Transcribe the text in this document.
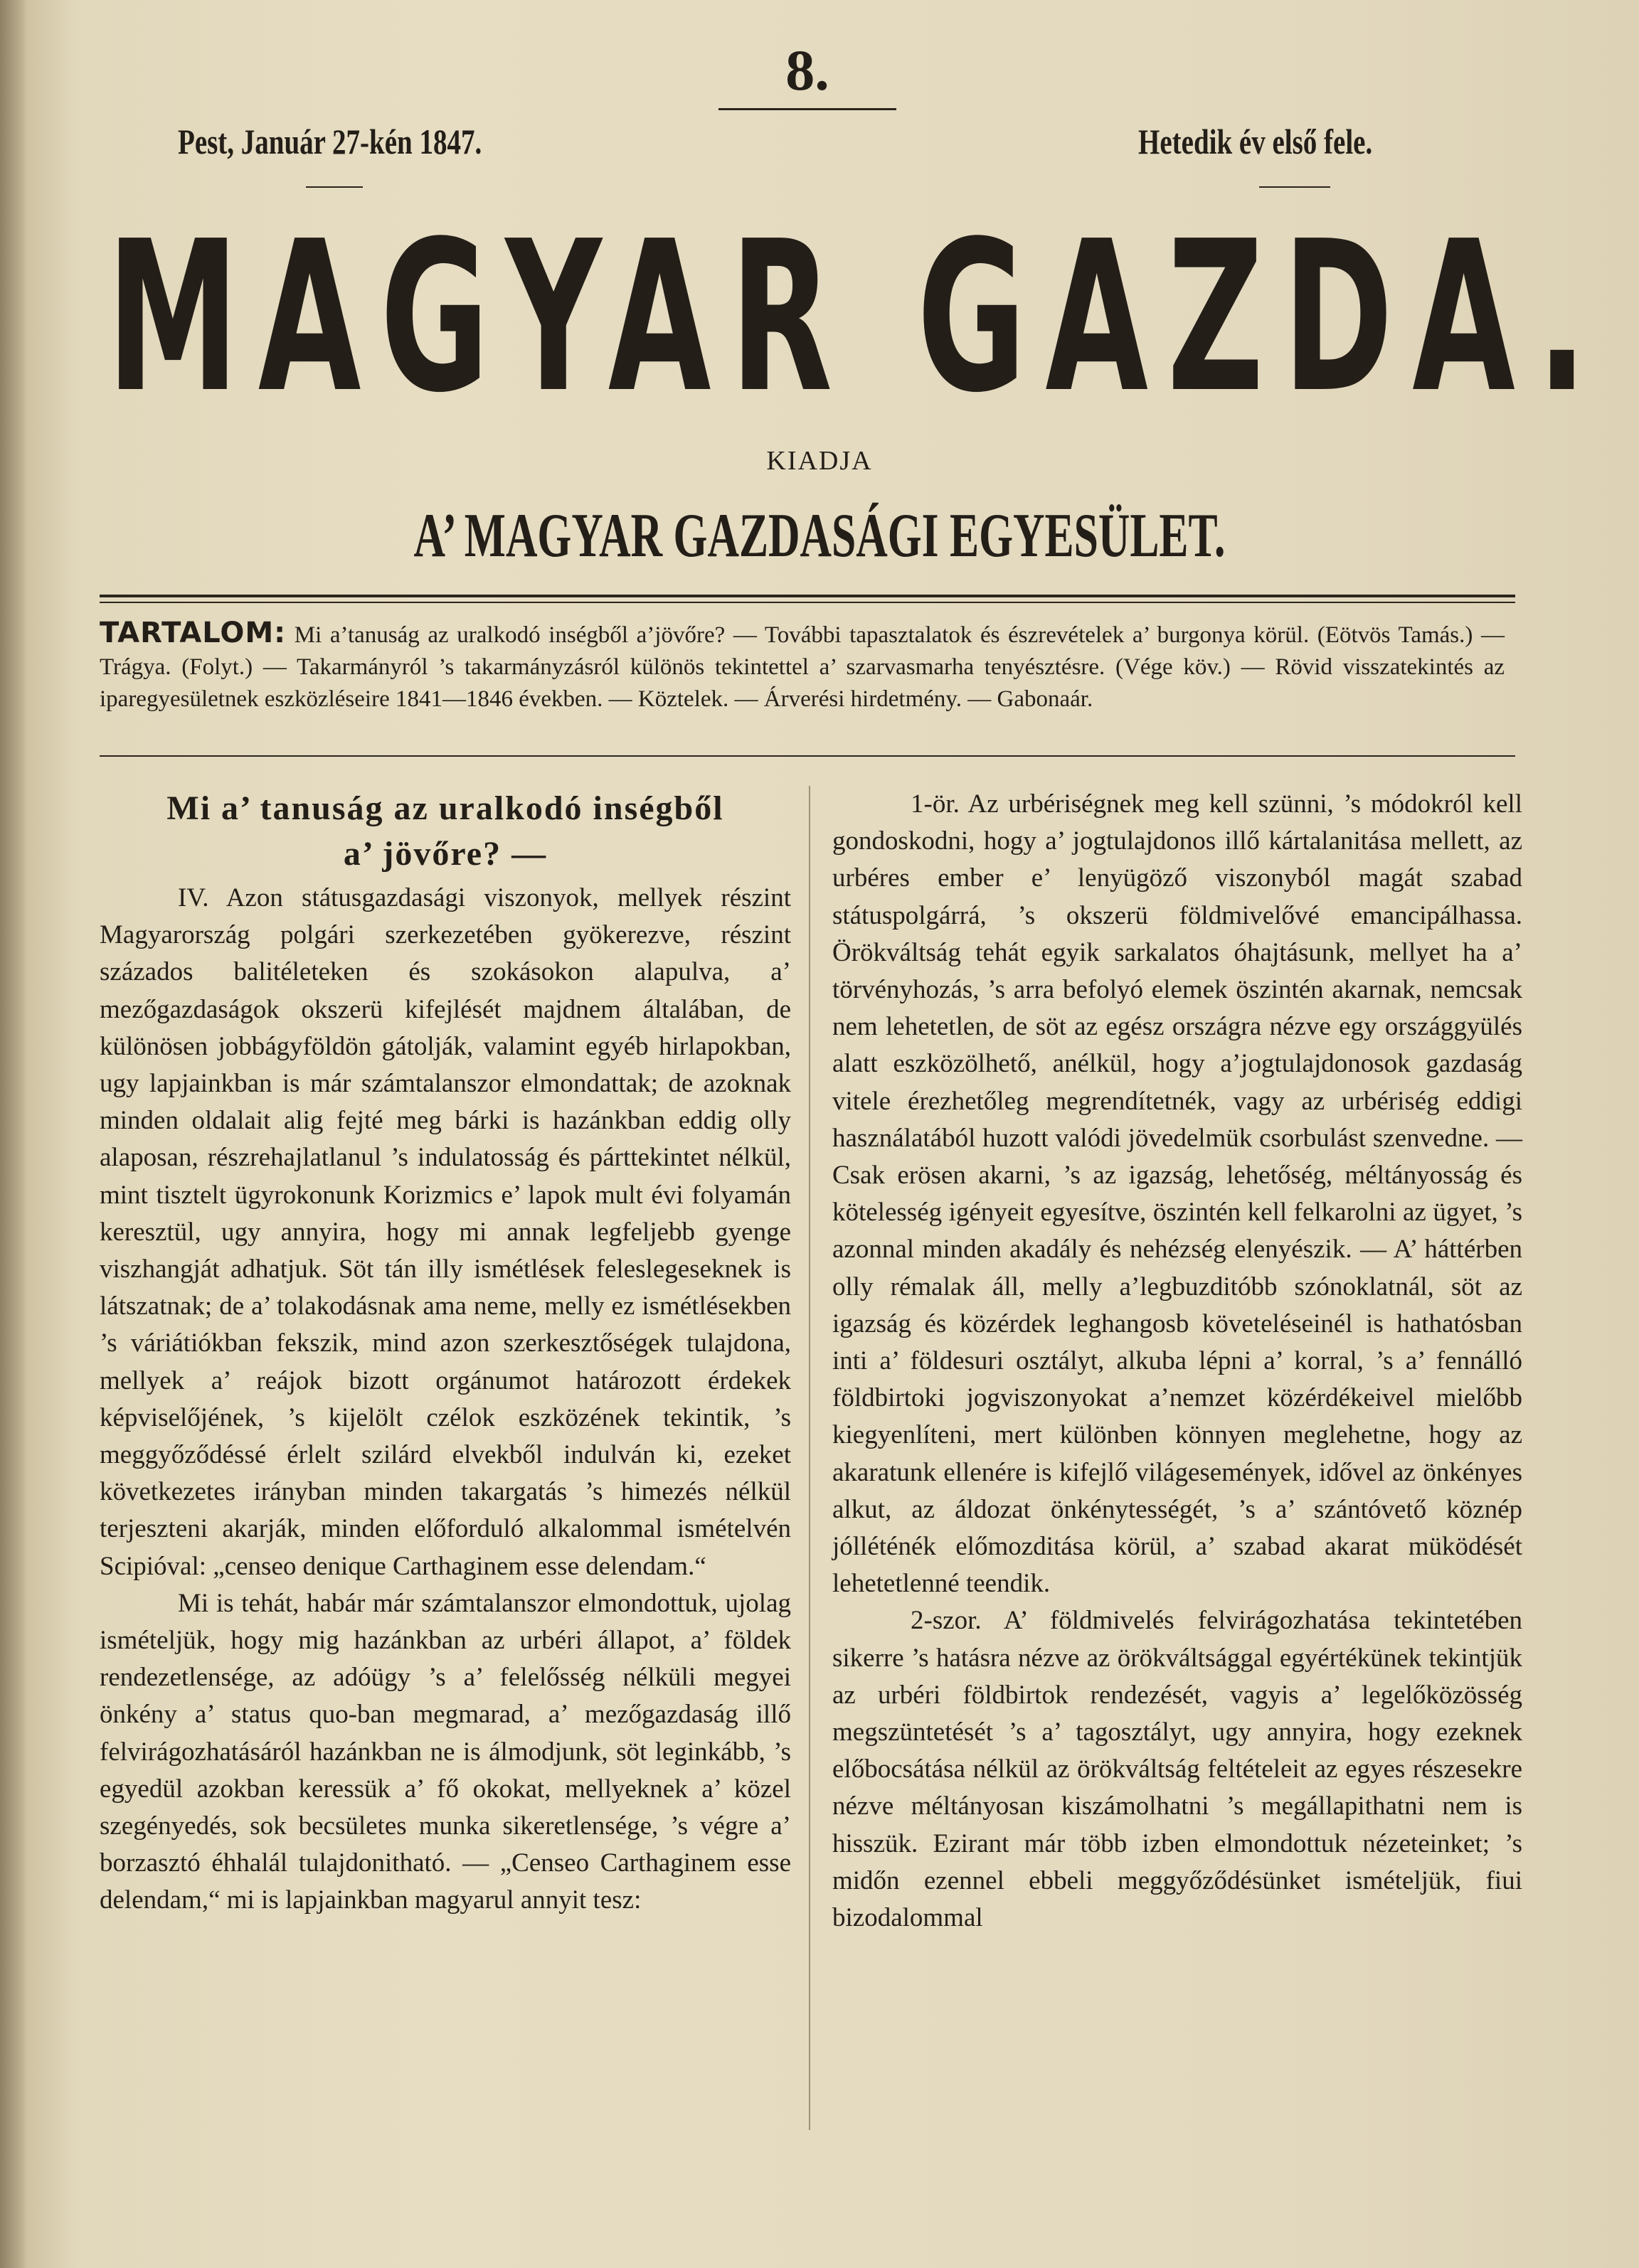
8.
Pest, Január 27-kén 1847.	Hetedik év első fele.
MAGYAR GAZDA.
KIADJA
A’ MAGYAR GAZDASÁGI EGYESÜLET.
TARTALOM: Mi a’tanuság az uralkodó inségből a’jövőre? — További tapasztalatok és észrevételek a’ burgonya körül. (Eötvös Tamás.) — Trágya. (Folyt.) — Takarmányról ’s takarmányzásról különös tekintettel a’ szarvasmarha tenyésztésre. (Vége köv.) — Rövid visszatekintés az iparegyesületnek eszközléseire 1841—1846 években. — Köztelek. — Árverési hirdetmény. — Gabonaár.
Mi a’ tanuság az uralkodó inségből
a’ jövőre? —

IV. Azon státusgazdasági viszonyok, mellyek részint Magyarország polgári szerkezetében gyökerezve, részint százados balitéleteken és szokásokon alapulva, a’ mezőgazdaságok okszerü kifejlését majdnem általában, de különösen jobbágyföldön gátolják, valamint egyéb hirlapokban, ugy lapjainkban is már számtalanszor elmondattak; de azoknak minden oldalait alig fejté meg bárki is hazánkban eddig olly alaposan, részrehajlatlanul ’s indulatosság és párttekintet nélkül, mint tisztelt ügyrokonunk Korizmics e’ lapok mult évi folyamán keresztül, ugy annyira, hogy mi annak legfeljebb gyenge viszhangját adhatjuk. Söt tán illy ismétlések feleslegeseknek is látszatnak; de a’ tolakodásnak ama neme, melly ez ismétlésekben ’s váriátiókban fekszik, mind azon szerkesztőségek tulajdona, mellyek a’ reájok bizott orgánumot határozott érdekek képviselőjének, ’s kijelölt czélok eszközének tekintik, ’s meggyőződéssé érlelt szilárd elvekből indulván ki, ezeket következetes irányban minden takargatás ’s himezés nélkül terjeszteni akarják, minden előforduló alkalommal ismételvén Scipióval: „censeo denique Carthaginem esse delendam.“

Mi is tehát, habár már számtalanszor elmondottuk, ujolag ismételjük, hogy mig hazánkban az urbéri állapot, a’ földek rendezetlensége, az adóügy ’s a’ felelősség nélküli megyei önkény a’ status quo-ban megmarad, a’ mezőgazdaság illő felvirágozhatásáról hazánkban ne is álmodjunk, söt leginkább, ’s egyedül azokban keressük a’ fő okokat, mellyeknek a’ közel szegényedés, sok becsületes munka sikeretlensége, ’s végre a’ borzasztó éhhalál tulajdonitható. — „Censeo Carthaginem esse delendam,“ mi is lapjainkban magyarul annyit tesz:

1-ör. Az urbériségnek meg kell szünni, ’s módokról kell gondoskodni, hogy a’ jogtulajdonos illő kártalanitása mellett, az urbéres ember e’ lenyügöző viszonyból magát szabad státuspolgárrá, ’s okszerü földmivelővé emancipálhassa. Örökváltság tehát egyik sarkalatos óhajtásunk, mellyet ha a’ törvényhozás, ’s arra befolyó elemek öszintén akarnak, nemcsak nem lehetetlen, de söt az egész országra nézve egy országgyülés alatt eszközölhető, anélkül, hogy a’jogtulajdonosok gazdaság vitele érezhetőleg megrendítetnék, vagy az urbériség eddigi használatából huzott valódi jövedelmük csorbulást szenvedne. — Csak erösen akarni, ’s az igazság, lehetőség, méltányosság és kötelesség igényeit egyesítve, öszintén kell felkarolni az ügyet, ’s azonnal minden akadály és nehézség elenyészik. — A’ háttérben olly rémalak áll, melly a’legbuzditóbb szónoklatnál, söt az igazság és közérdek leghangosb követeléseinél is hathatósban inti a’ földesuri osztályt, alkuba lépni a’ korral, ’s a’ fennálló földbirtoki jogviszonyokat a’nemzet közérdékeivel mielőbb kiegyenlíteni, mert különben könnyen meglehetne, hogy az akaratunk ellenére is kifejlő világesemények, idővel az önkényes alkut, az áldozat önkénytességét, ’s a’ szántóvető köznép jólléténék előmozditása körül, a’ szabad akarat müködését lehetetlenné teendik.

2-szor. A’ földmivelés felvirágozhatása tekintetében sikerre ’s hatásra nézve az örökváltsággal egyértékünek tekintjük az urbéri földbirtok rendezését, vagyis a’ legelőközösség megszüntetését ’s a’ tagosztályt, ugy annyira, hogy ezeknek előbocsátása nélkül az örökváltság feltételeit az egyes részesekre nézve méltányosan kiszámolhatni ’s megállapithatni nem is hisszük. Ezirant már több izben elmondottuk nézeteinket; ’s midőn ezennel ebbeli meggyőződésünket ismételjük, fiui bizodalommal
